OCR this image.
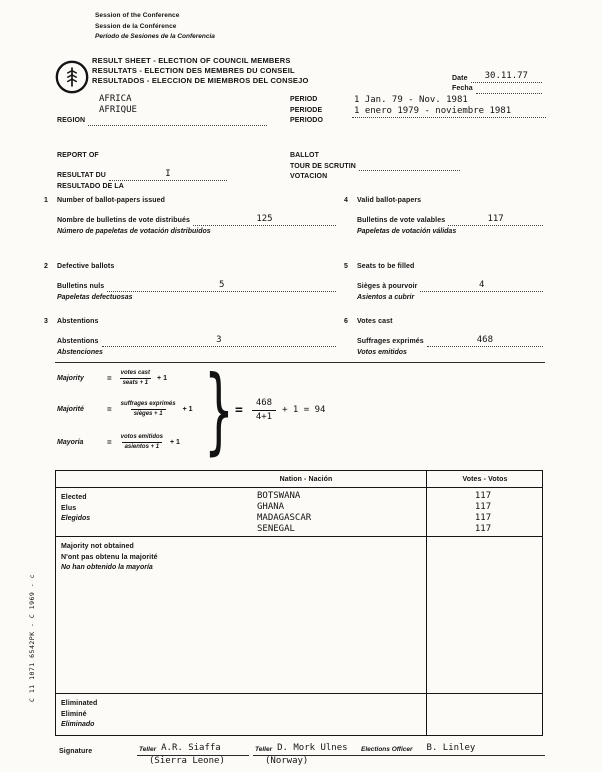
Session of the Conference
Session de la Conférence
Período de Sesiones de la Conferencia
RESULT SHEET - ELECTION OF COUNCIL MEMBERS
RESULTATS - ELECTION DES MEMBRES DU CONSEIL
RESULTADOS - ELECCION DE MIEMBROS DEL CONSEJO	Date	30.11.77
Fecha
AFRICA
AFRIQUE
REGION
PERIOD
PERIODE
PERIODO
1 Jan. 79 - Nov. 1981
1 enero 1979 - noviembre 1981
REPORT OF
RESULTAT DU	I
RESULTADO DE LA
BALLOT
TOUR DE SCRUTIN
VOTACION
1	Number of ballot-papers issued
Nombre de bulletins de vote distribués	125
Número de papeletas de votación distribuidos
2	Defective ballots
Bulletins nuls	5
Papeletas defectuosas
3	Abstentions
Abstentions	3
Abstenciones
4	Valid ballot-papers
Bulletins de vote valables	117
Papeletas de votación válidas
5	Seats to be filled
Sièges à pourvoir	4
Asientos a cubrir
6	Votes cast
Suffrages exprimés	468
Votos emitidos
Majority	= $\frac{\text{votes cast}}{\text{seats + 1}} + 1$
Majorité	= $\frac{\text{suffrages exprimés}}{\text{sièges + 1}} + 1$
Mayoría	= $\frac{\text{votos emitidos}}{\text{asientos + 1}} + 1$ } = $\frac{468}{4+1} + 1 = 94$
Nation - Nación	Votes - Votos
Elected
Elus
Elegidos
BOTSWANA	117
GHANA	117
MADAGASCAR	117
SENEGAL	117
Majority not obtained
N'ont pas obtenu la majorité
No han obtenido la mayoría
Eliminated
Eliminé
Eliminado
C 11 1071 6542PK - C 1969 - c
Signature	Teller A.R. Siaffa
(Sierra Leone)
Teller D. Mork Ulnes
(Norway)
Elections Officer B. Linley
